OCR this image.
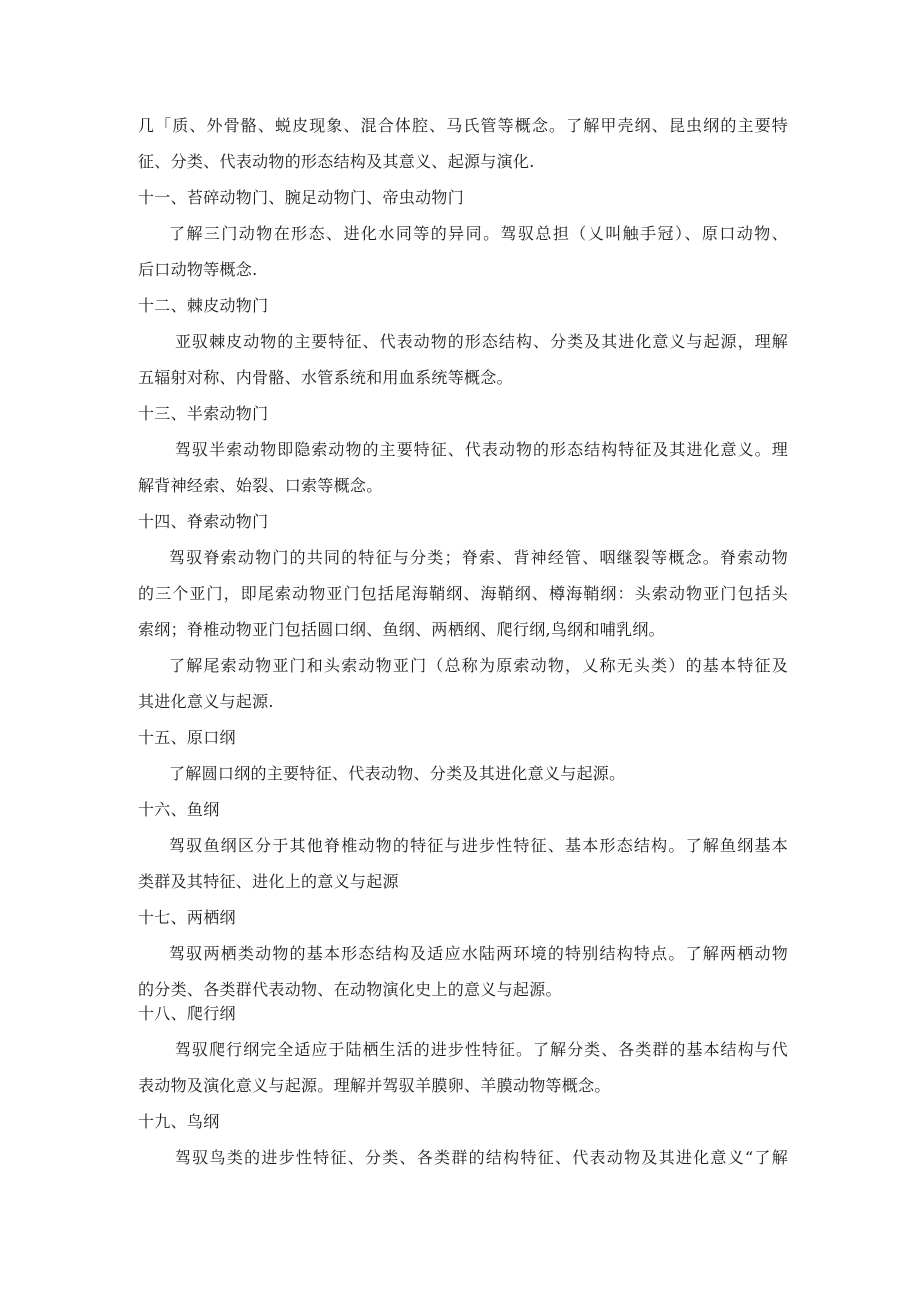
几「质、外骨骼、蜕皮现象、混合体腔、马氏管等概念。了解甲壳纲、昆虫纲的主要特
征、分类、代表动物的形态结构及其意义、起源与演化.
十一、苔碎动物门、腕足动物门、帝虫动物门
了解三门动物在形态、进化水同等的异同。驾驭总担（乂叫触手冠）、原口动物、
后口动物等概念.
十二、棘皮动物门
亚驭棘皮动物的主要特征、代表动物的形态结构、分类及其进化意义与起源，理解
五辐射对称、内骨骼、水管系统和用血系统等概念。
十三、半索动物门
驾驭半索动物即隐索动物的主要特征、代表动物的形态结构特征及其进化意义。理
解背神经索、始裂、口索等概念。
十四、脊索动物门
驾驭脊索动物门的共同的特征与分类；脊索、背神经管、咽继裂等概念。脊索动物
的三个亚门，即尾索动物亚门包括尾海鞘纲、海鞘纲、樽海鞘纲：头索动物亚门包括头
索纲；脊椎动物亚门包括圆口纲、鱼纲、两栖纲、爬行纲,鸟纲和哺乳纲。
了解尾索动物亚门和头索动物亚门（总称为原索动物，乂称无头类）的基本特征及
其进化意义与起源.
十五、原口纲
了解圆口纲的主要特征、代表动物、分类及其进化意义与起源。
十六、鱼纲
驾驭鱼纲区分于其他脊椎动物的特征与进步性特征、基本形态结构。了解鱼纲基本
类群及其特征、进化上的意义与起源
十七、两栖纲
驾驭两栖类动物的基本形态结构及适应水陆两环境的特别结构特点。了解两栖动物
的分类、各类群代表动物、在动物演化史上的意义与起源。
十八、爬行纲
驾驭爬行纲完全适应于陆栖生活的进步性特征。了解分类、各类群的基本结构与代
表动物及演化意义与起源。理解并驾驭羊膜卵、羊膜动物等概念。
十九、鸟纲
驾驭鸟类的进步性特征、分类、各类群的结构特征、代表动物及其进化意义“了解
